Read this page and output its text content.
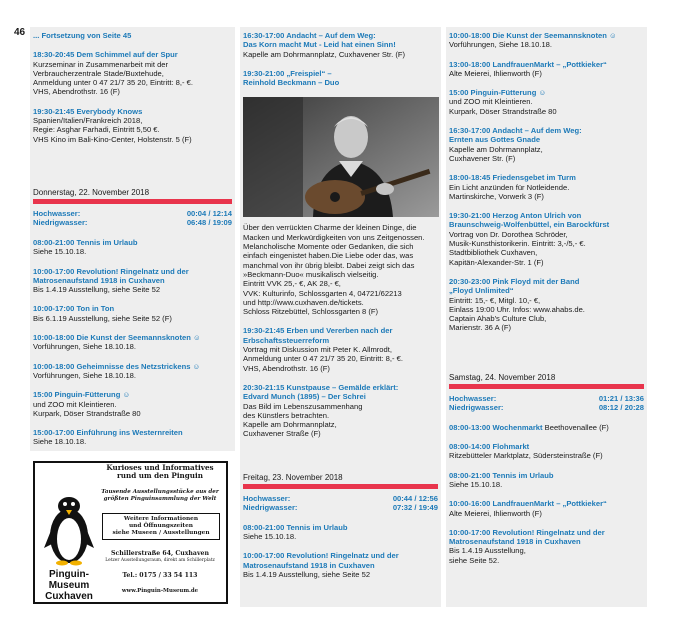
46 ... Fortsetzung von Seite 45
18:30-20:45 Dem Schimmel auf der Spur
Kurzseminar in Zusammenarbeit mit der
Verbraucherzentrale Stade/Buxtehude,
Anmeldung unter 0 47 21/7 35 20, Eintritt: 8,- €.
VHS, Abendrothstr. 16 (F)
19:30-21:45 Everybody Knows
Spanien/Italien/Frankreich 2018,
Regie: Asghar Farhadi, Eintritt 5,50 €.
VHS Kino im Bali-Kino-Center, Holstenstr. 5 (F)
Donnerstag, 22. November 2018
Hochwasser:	00:04 / 12:14
Niedrigwasser:	06:48 / 19:09
08:00-21:00 Tennis im Urlaub
Siehe 15.10.18.
10:00-17:00 Revolution! Ringelnatz und der
Matrosenaufstand 1918 in Cuxhaven
Bis 1.4.19 Ausstellung, siehe Seite 52
10:00-17:00 Ton in Ton
Bis 6.1.19 Ausstellung, siehe Seite 52 (F)
10:00-18:00 Die Kunst der Seemannsknoten ☺
Vorführungen, Siehe 18.10.18.
10:00-18:00 Geheimnisse des Netzstrickens ☺
Vorführungen, Siehe 18.10.18.
15:00 Pinguin-Fütterung ☺
und ZOO mit Kleintieren.
Kurpark, Döser Strandstraße 80
15:00-17:00 Einführung ins Westernreiten
Siehe 18.10.18.
Pinguin-
Museum
Cuxhaven
Kurioses und Informatives
rund um den Pinguin
Tausende Ausstellungsstücke aus der
größten Pinguinsammlung der Welt
Weitere Informationen
und Öffnungszeiten
siehe Museen / Ausstellungen
Schillerstraße 64, Cuxhaven
Letzer Ausstellungsraum, direkt am Schillerplatz
Tel.: 0175 / 33 54 113
www.Pinguin-Museum.de
16:30-17:00 Andacht – Auf dem Weg:
Das Korn macht Mut - Leid hat einen Sinn!
Kapelle am Dohrmannplatz, Cuxhavener Str. (F)
19:30-21:00 „Freispiel“ –
Reinhold Beckmann – Duo
Über den verrückten Charme der kleinen Dinge, die
Macken und Merkwürdigkeiten von uns Zeitgenossen.
Melancholische Momente oder Gedanken, die sich
einfach eingenistet haben.Die Liebe oder das, was
manchmal von ihr übrig bleibt. Dabei zeigt sich das
»Beckmann-Duo« musikalisch vielseitig.
Eintritt VVK 25,- €, AK 28,- €,
VVK: Kulturinfo, Schlossgarten 4, 04721/62213
und http://www.cuxhaven.de/tickets.
Schloss Ritzebüttel, Schlossgarten 8 (F)
19:30-21:45 Erben und Vererben nach der
Erbschaftssteuerreform
Vortrag mit Diskussion mit Peter K. Allmrodt,
Anmeldung unter 0 47 21/7 35 20, Eintritt: 8,- €.
VHS, Abendrothstr. 16 (F)
20:30-21:15 Kunstpause – Gemälde erklärt:
Edvard Munch (1895) – Der Schrei
Das Bild im Lebenszusammenhang
des Künstlers betrachten.
Kapelle am Dohrmannplatz,
Cuxhavener Straße (F)
Freitag, 23. November 2018
Hochwasser:	00:44 / 12:56
Niedrigwasser:	07:32 / 19:49
08:00-21:00 Tennis im Urlaub
Siehe 15.10.18.
10:00-17:00 Revolution! Ringelnatz und der
Matrosenaufstand 1918 in Cuxhaven
Bis 1.4.19 Ausstellung, siehe Seite 52
10:00-18:00 Die Kunst der Seemannsknoten ☺
Vorführungen, Siehe 18.10.18.
13:00-18:00 LandfrauenMarkt – „Pottkieker“
Alte Meierei, Ihlienworth (F)
15:00 Pinguin-Fütterung ☺
und ZOO mit Kleintieren.
Kurpark, Döser Strandstraße 80
16:30-17:00 Andacht – Auf dem Weg:
Ernten aus Gottes Gnade
Kapelle am Dohrmannplatz,
Cuxhavener Str. (F)
18:00-18:45 Friedensgebet im Turm
Ein Licht anzünden für Notleidende.
Martinskirche, Vorwerk 3 (F)
19:30-21:00 Herzog Anton Ulrich von
Braunschweig-Wolfenbüttel, ein Barockfürst
Vortrag von Dr. Dorothea Schröder,
Musik-Kunsthistorikerin. Eintritt: 3,-/5,- €.
Stadtbibliothek Cuxhaven,
Kapitän-Alexander-Str. 1 (F)
20:30-23:00 Pink Floyd mit der Band
„Floyd Unlimited“
Eintritt: 15,- €, Mitgl. 10,- €,
Einlass 19:00 Uhr. Infos: www.ahabs.de.
Captain Ahab's Culture Club,
Marienstr. 36 A (F)
Samstag, 24. November 2018
Hochwasser:	01:21 / 13:36
Niedrigwasser:	08:12 / 20:28
08:00-13:00 Wochenmarkt Beethovenallee (F)
08:00-14:00 Flohmarkt
Ritzebütteler Marktplatz, Südersteinstraße (F)
08:00-21:00 Tennis im Urlaub
Siehe 15.10.18.
10:00-16:00 LandfrauenMarkt – „Pottkieker“
Alte Meierei, Ihlienworth (F)
10:00-17:00 Revolution! Ringelnatz und der
Matrosenaufstand 1918 in Cuxhaven
Bis 1.4.19 Ausstellung,
siehe Seite 52.
